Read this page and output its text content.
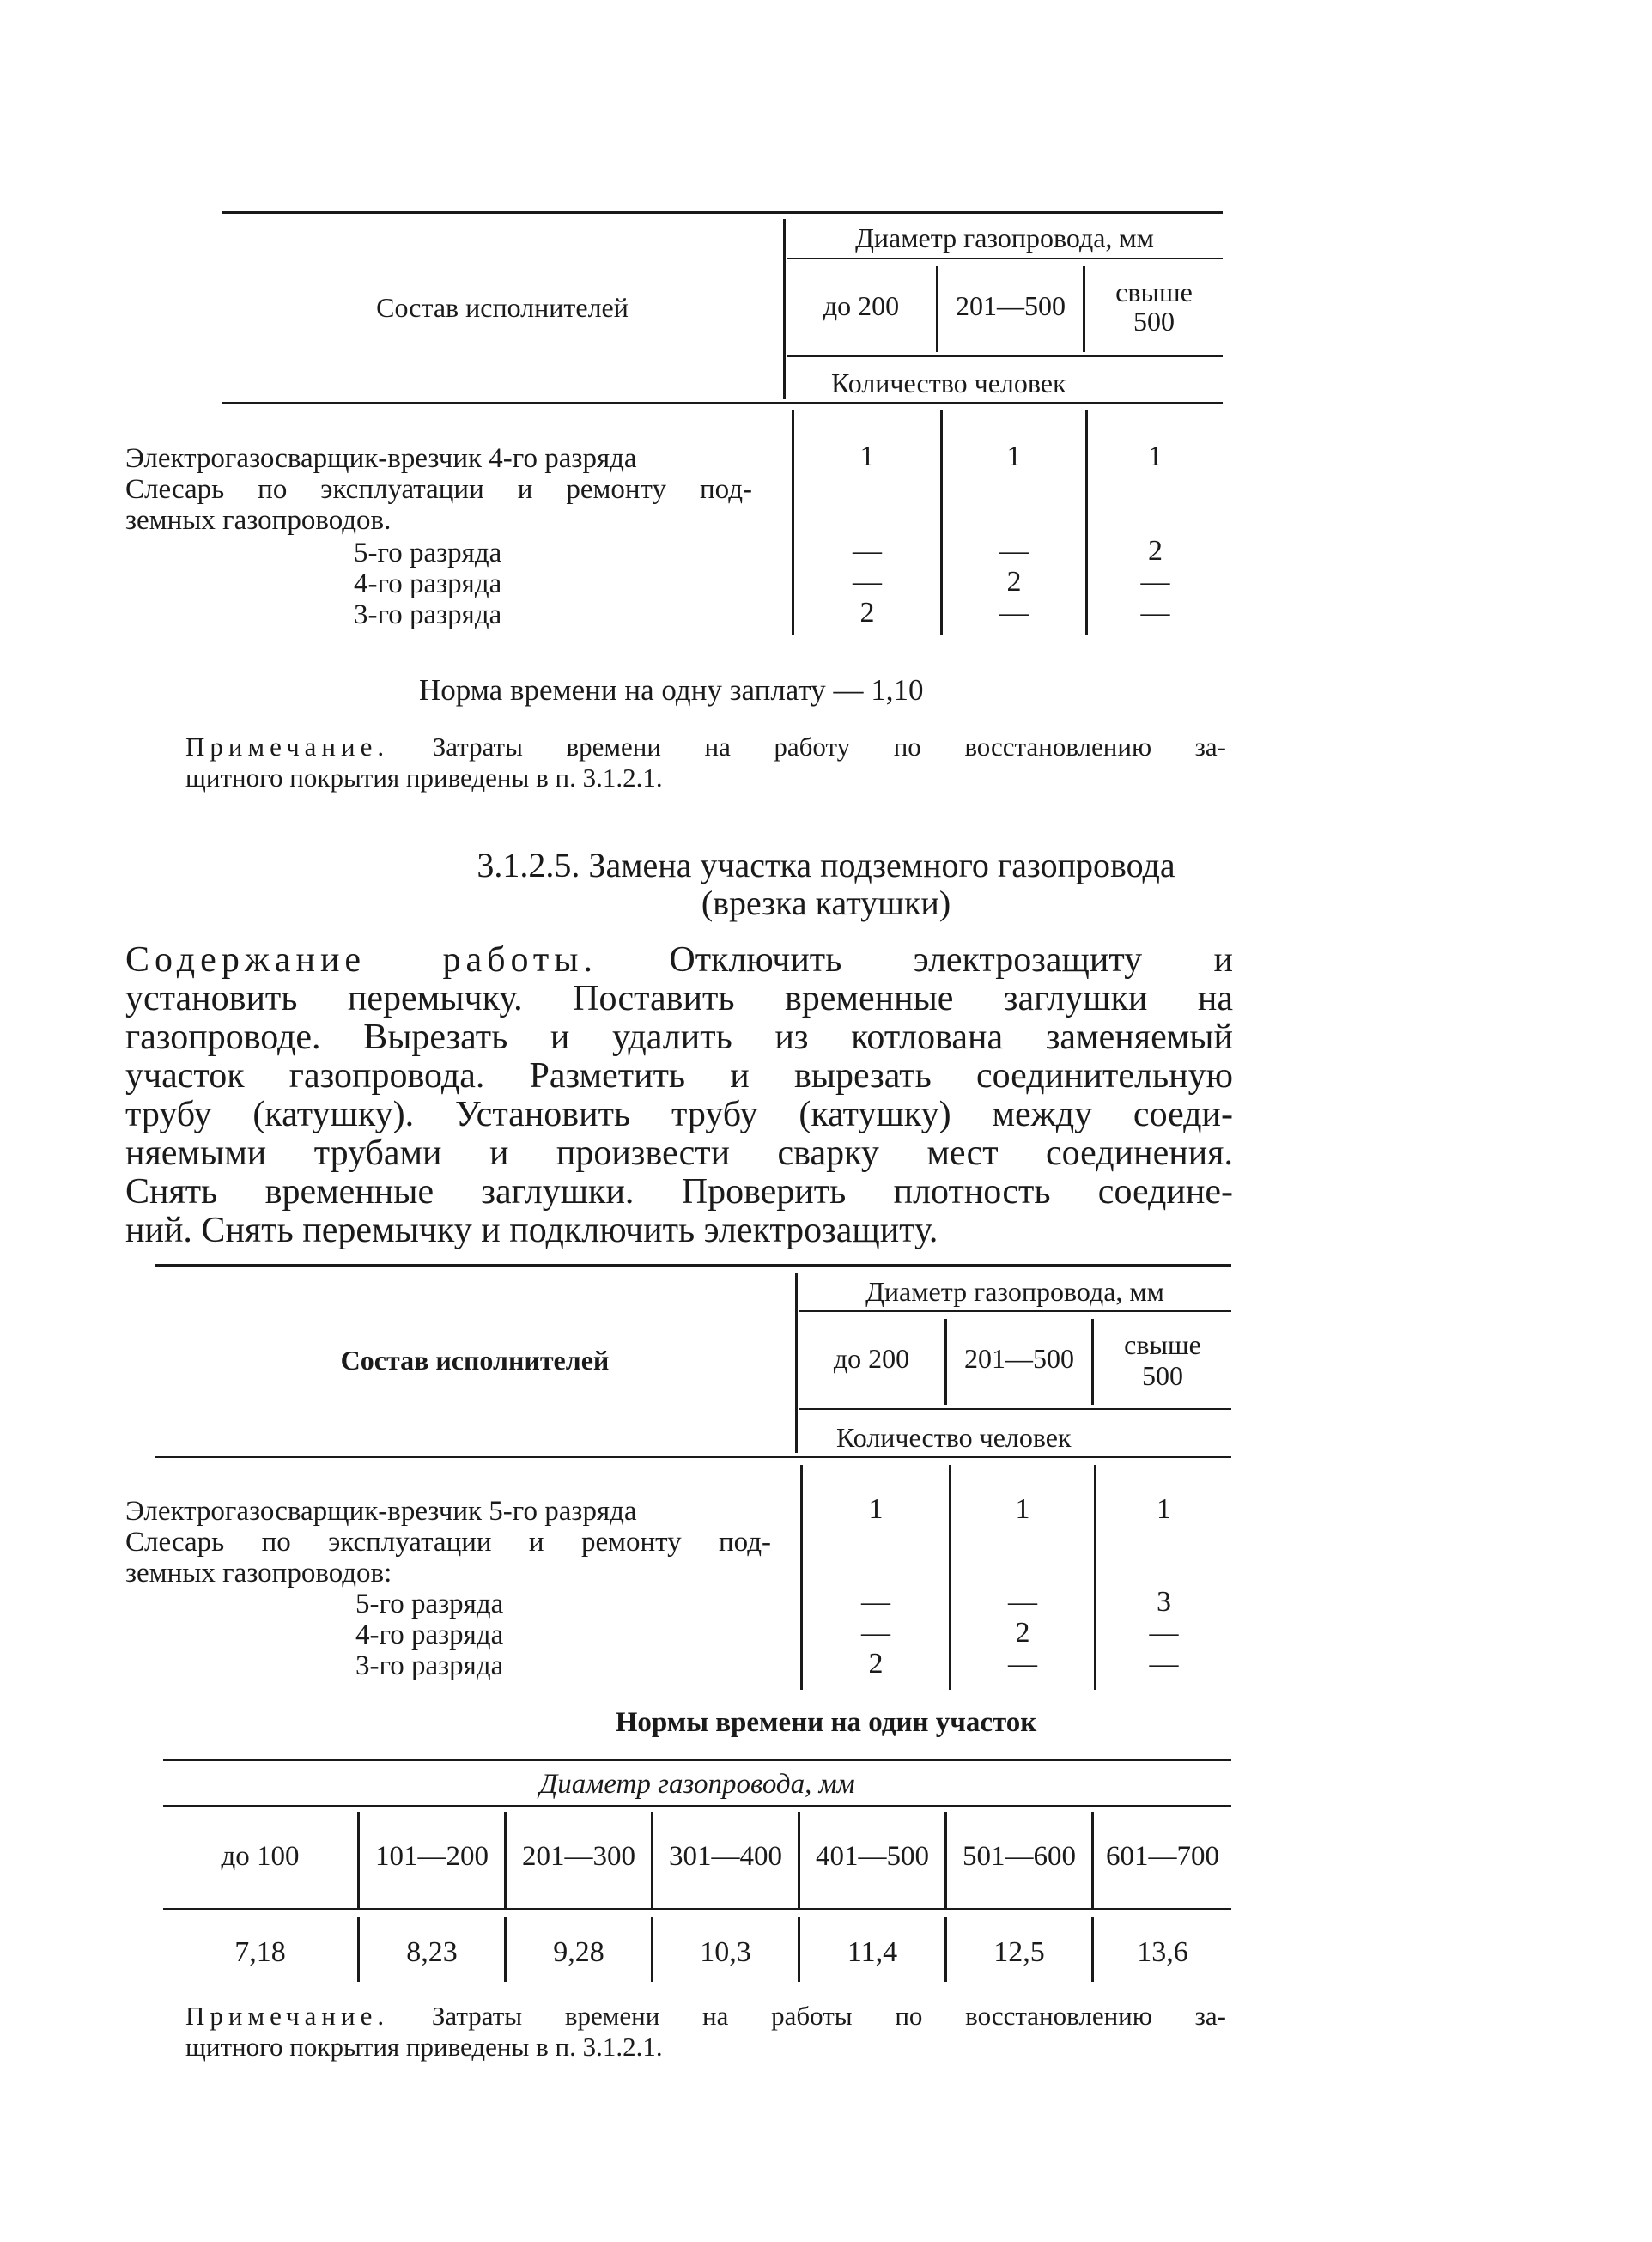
Состав исполнителей
Диаметр газопровода, мм
до 200	201—500	свыше
500
Количество человек
Электрогазосварщик-врезчик 4-го разряда	1	1	1
Слесарь по эксплуатации и ремонту под-
земных газопроводов.
5-го разряда	—	—	2
4-го разряда	—	2	—
3-го разряда	2	—	—
Норма времени на одну заплату — 1,10
Примечание. Затраты времени на работу по восстановлению за-
щитного покрытия приведены в п. 3.1.2.1.
3.1.2.5. Замена участка подземного газопровода
(врезка катушки)
Содержание работы. Отключить электрозащиту и
установить перемычку. Поставить временные заглушки на
газопроводе. Вырезать и удалить из котлована заменяемый
участок газопровода. Разметить и вырезать соединительную
трубу (катушку). Установить трубу (катушку) между соеди-
няемыми трубами и произвести сварку мест соединения.
Снять временные заглушки. Проверить плотность соедине-
ний. Снять перемычку и подключить электрозащиту.
Состав исполнителей
Диаметр газопровода, мм
до 200	201—500	свыше
500
Количество человек
Электрогазосварщик-врезчик 5-го разряда	1	1	1
Слесарь по эксплуатации и ремонту под-
земных газопроводов:
5-го разряда	—	—	3
4-го разряда	—	2	—
3-го разряда	2	—	—
Нормы времени на один участок
Диаметр газопровода, мм
до 100	101—200	201—300	301—400	401—500	501—600	601—700
7,18	8,23	9,28	10,3	11,4	12,5	13,6
Примечание. Затраты времени на работы по восстановлению за-
щитного покрытия приведены в п. 3.1.2.1.
